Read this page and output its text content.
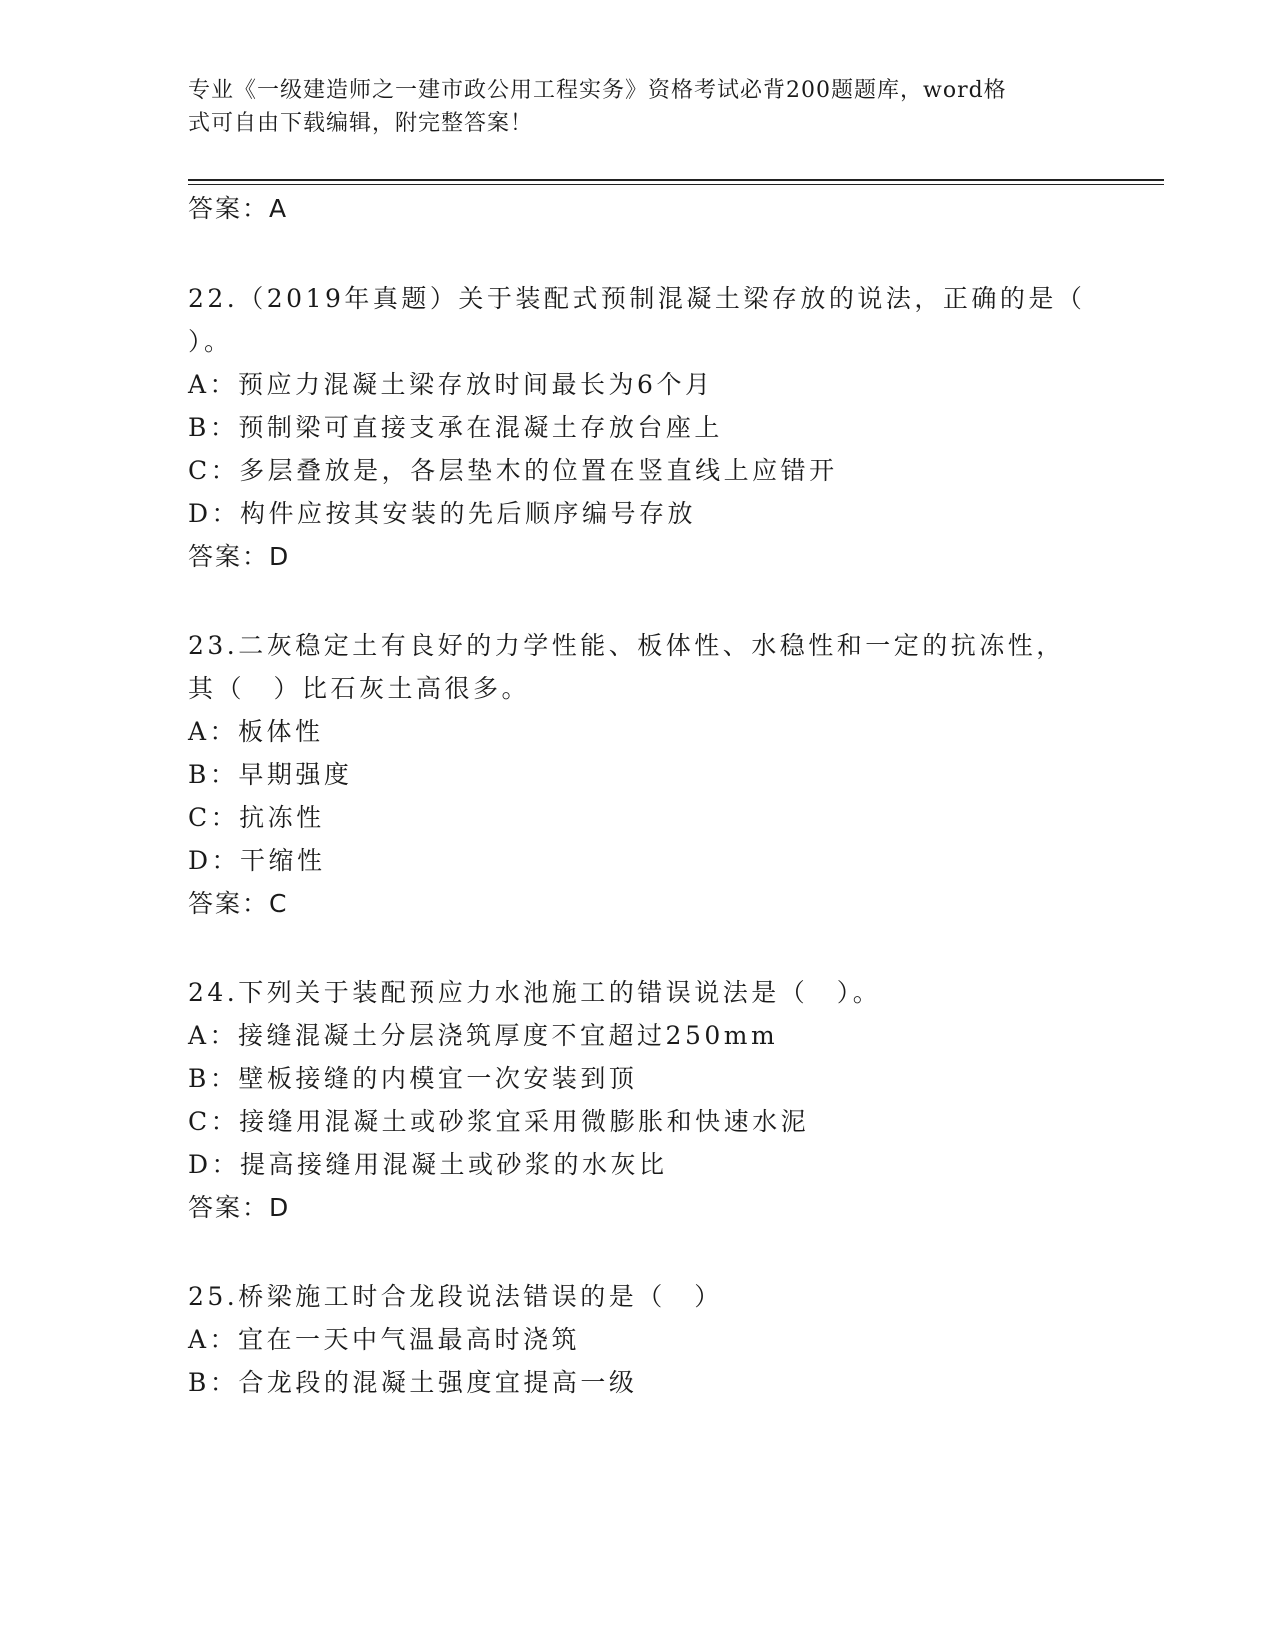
专业《一级建造师之一建市政公用工程实务》资格考试必背200题题库，word格
式可自由下载编辑，附完整答案！
答案：A
22.（2019年真题）关于装配式预制混凝土梁存放的说法，正确的是（
）。
A：预应力混凝土梁存放时间最长为6个月
B：预制梁可直接支承在混凝土存放台座上
C：多层叠放是，各层垫木的位置在竖直线上应错开
D：构件应按其安装的先后顺序编号存放
答案：D
23.二灰稳定土有良好的力学性能、板体性、水稳性和一定的抗冻性，
其（　）比石灰土高很多。
A：板体性
B：早期强度
C：抗冻性
D：干缩性
答案：C
24.下列关于装配预应力水池施工的错误说法是（　）。
A：接缝混凝土分层浇筑厚度不宜超过250mm
B：壁板接缝的内模宜一次安装到顶
C：接缝用混凝土或砂浆宜采用微膨胀和快速水泥
D：提高接缝用混凝土或砂浆的水灰比
答案：D
25.桥梁施工时合龙段说法错误的是（　）
A：宜在一天中气温最高时浇筑
B：合龙段的混凝土强度宜提高一级
